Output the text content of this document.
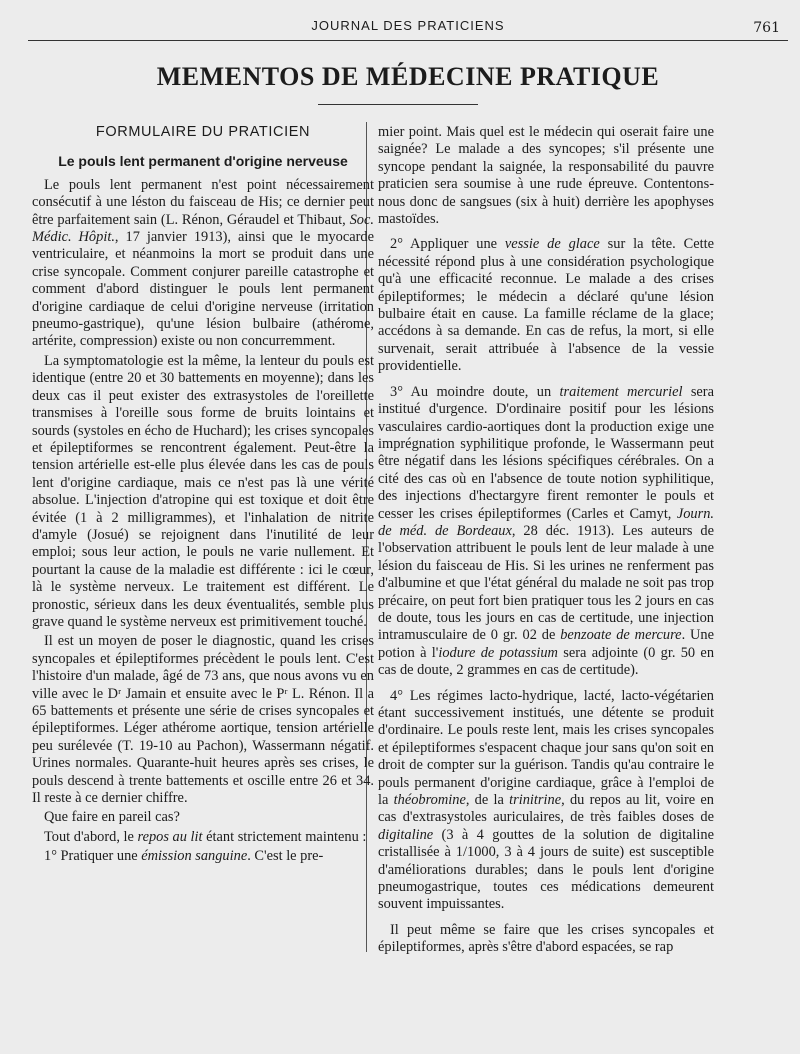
JOURNAL DES PRATICIENS	761
MEMENTOS DE MÉDECINE PRATIQUE
FORMULAIRE DU PRATICIEN
Le pouls lent permanent d'origine nerveuse

Le pouls lent permanent n'est point nécessairement consécutif à une léston du faisceau de His; ce dernier peut être parfaitement sain (L. Rénon, Géraudel et Thibaut, Soc. Médic. Hôpit., 17 janvier 1913), ainsi que le myocarde ventriculaire, et néanmoins la mort se produit dans une crise syncopale. Comment conjurer pareille catastrophe et comment d'abord distinguer le pouls lent permanent d'origine cardiaque de celui d'origine nerveuse (irritation pneumo-gastrique), qu'une lésion bulbaire (athérome, artérite, compression) existe ou non concurremment.

La symptomatologie est la même, la lenteur du pouls est identique (entre 20 et 30 battements en moyenne); dans les deux cas il peut exister des extrasystoles de l'oreillette transmises à l'oreille sous forme de bruits lointains et sourds (systoles en écho de Huchard); les crises syncopales et épileptiformes se rencontrent également. Peut-être la tension artérielle est-elle plus élevée dans les cas de pouls lent d'origine cardiaque, mais ce n'est pas là une vérité absolue. L'injection d'atropine qui est toxique et doit être évitée (1 à 2 milligrammes), et l'inhalation de nitrite d'amyle (Josué) se rejoignent dans l'inutilité de leur emploi; sous leur action, le pouls ne varie nullement. Et pourtant la cause de la maladie est différente : ici le cœur, là le système nerveux. Le traitement est différent. Le pronostic, sérieux dans les deux éventualités, semble plus grave quand le système nerveux est primitivement touché.

Il est un moyen de poser le diagnostic, quand les crises syncopales et épileptiformes précèdent le pouls lent. C'est l'histoire d'un malade, âgé de 73 ans, que nous avons vu en ville avec le Dʳ Jamain et ensuite avec le Pʳ L. Rénon. Il a 65 battements et présente une série de crises syncopales et épileptiformes. Léger athérome aortique, tension artérielle peu surélevée (T. 19-10 au Pachon), Wassermann négatif. Urines normales. Quarante-huit heures après ses crises, le pouls descend à trente battements et oscille entre 26 et 34. Il reste à ce dernier chiffre.

Que faire en pareil cas?

Tout d'abord, le repos au lit étant strictement maintenu :

1° Pratiquer une émission sanguine. C'est le pre-

mier point. Mais quel est le médecin qui oserait faire une saignée? Le malade a des syncopes; s'il présente une syncope pendant la saignée, la responsabilité du pauvre praticien sera soumise à une rude épreuve. Contentons-nous donc de sangsues (six à huit) derrière les apophyses mastoïdes.

2° Appliquer une vessie de glace sur la tête. Cette nécessité répond plus à une considération psychologique qu'à une efficacité reconnue. Le malade a des crises épileptiformes; le médecin a déclaré qu'une lésion bulbaire était en cause. La famille réclame de la glace; accédons à sa demande. En cas de refus, la mort, si elle survenait, serait attribuée à l'absence de la vessie providentielle.

3° Au moindre doute, un traitement mercuriel sera institué d'urgence. D'ordinaire positif pour les lésions vasculaires cardio-aortiques dont la production exige une imprégnation syphilitique profonde, le Wassermann peut être négatif dans les lésions spécifiques cérébrales. On a cité des cas où en l'absence de toute notion syphilitique, des injections d'hectargyre firent remonter le pouls et cesser les crises épileptiformes (Carles et Camyt, Journ. de méd. de Bordeaux, 28 déc. 1913). Les auteurs de l'observation attribuent le pouls lent de leur malade à une lésion du faisceau de His. Si les urines ne renferment pas d'albumine et que l'état général du malade ne soit pas trop précaire, on peut fort bien pratiquer tous les 2 jours en cas de doute, tous les jours en cas de certitude, une injection intramusculaire de 0 gr. 02 de benzoate de mercure. Une potion à l'iodure de potassium sera adjointe (0 gr. 50 en cas de doute, 2 grammes en cas de certitude).

4° Les régimes lacto-hydrique, lacté, lacto-végétarien étant successivement institués, une détente se produit d'ordinaire. Le pouls reste lent, mais les crises syncopales et épileptiformes s'espacent chaque jour sans qu'on soit en droit de compter sur la guérison. Tandis qu'au contraire le pouls permanent d'origine cardiaque, grâce à l'emploi de la théobromine, de la trinitrine, du repos au lit, voire en cas d'extrasystoles auriculaires, de très faibles doses de digitaline (3 à 4 gouttes de la solution de digitaline cristallisée à 1/1000, 3 à 4 jours de suite) est susceptible d'améliorations durables; dans le pouls lent d'origine pneumogastrique, toutes ces médications demeurent souvent impuissantes.

Il peut même se faire que les crises syncopales et épileptiformes, après s'être d'abord espacées, se rap
